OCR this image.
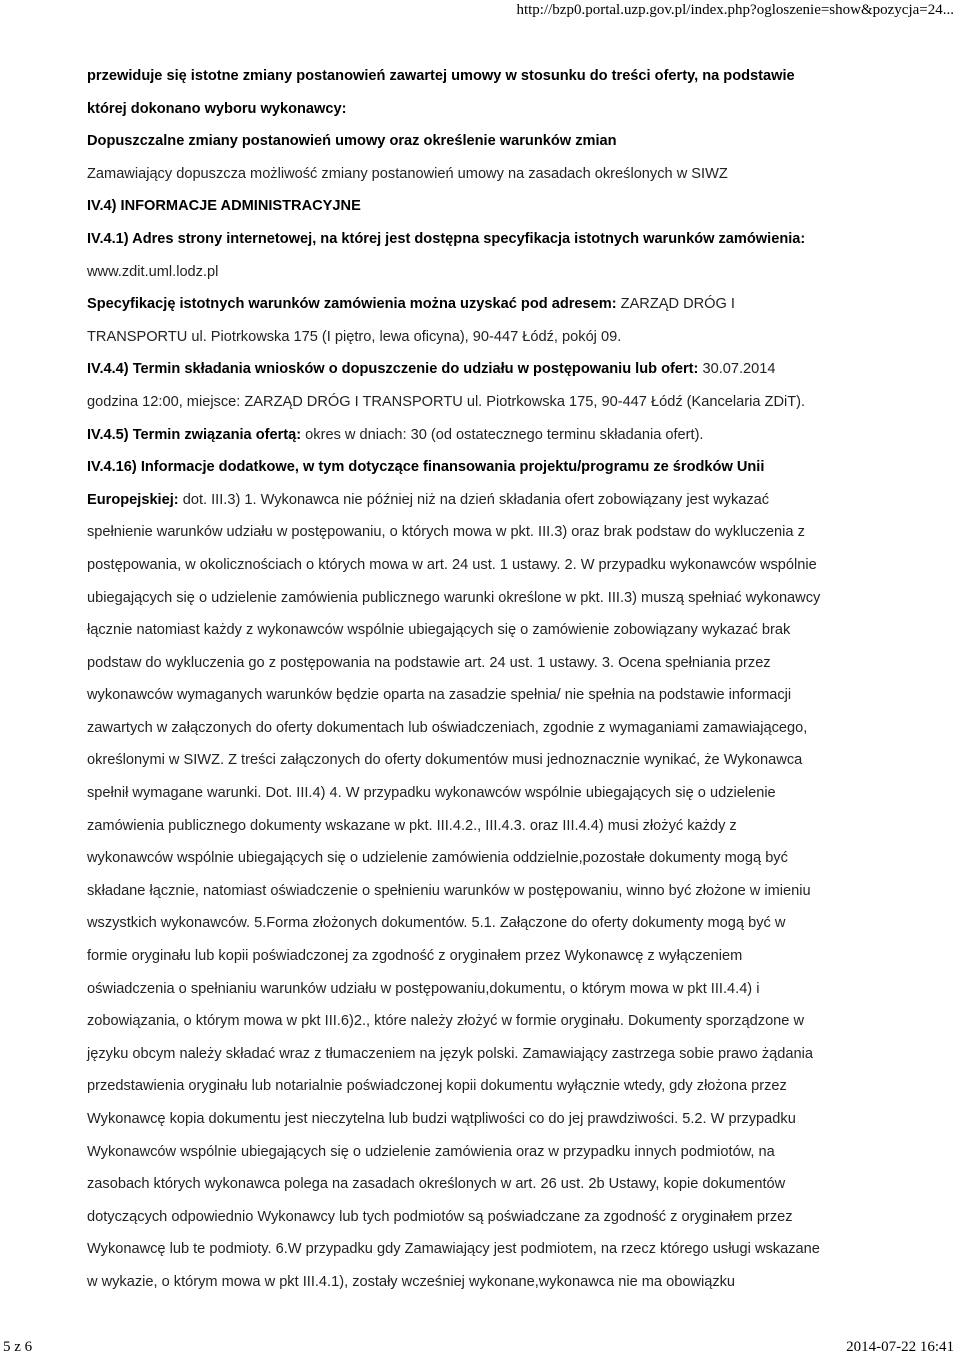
http://bzp0.portal.uzp.gov.pl/index.php?ogloszenie=show&pozycja=24...
przewiduje się istotne zmiany postanowień zawartej umowy w stosunku do treści oferty, na podstawie
której dokonano wyboru wykonawcy:
Dopuszczalne zmiany postanowień umowy oraz określenie warunków zmian
Zamawiający dopuszcza możliwość zmiany postanowień umowy na zasadach określonych w SIWZ
IV.4) INFORMACJE ADMINISTRACYJNE
IV.4.1) Adres strony internetowej, na której jest dostępna specyfikacja istotnych warunków zamówienia:
www.zdit.uml.lodz.pl
Specyfikację istotnych warunków zamówienia można uzyskać pod adresem: ZARZĄD DRÓG I
TRANSPORTU ul. Piotrkowska 175 (I piętro, lewa oficyna), 90-447 Łódź, pokój 09.
IV.4.4) Termin składania wniosków o dopuszczenie do udziału w postępowaniu lub ofert: 30.07.2014
godzina 12:00, miejsce: ZARZĄD DRÓG I TRANSPORTU ul. Piotrkowska 175, 90-447 Łódź (Kancelaria ZDiT).
IV.4.5) Termin związania ofertą: okres w dniach: 30 (od ostatecznego terminu składania ofert).
IV.4.16) Informacje dodatkowe, w tym dotyczące finansowania projektu/programu ze środków Unii
Europejskiej: dot. III.3) 1. Wykonawca nie później niż na dzień składania ofert zobowiązany jest wykazać
spełnienie warunków udziału w postępowaniu, o których mowa w pkt. III.3) oraz brak podstaw do wykluczenia z
postępowania, w okolicznościach o których mowa w art. 24 ust. 1 ustawy. 2. W przypadku wykonawców wspólnie
ubiegających się o udzielenie zamówienia publicznego warunki określone w pkt. III.3) muszą spełniać wykonawcy
łącznie natomiast każdy z wykonawców wspólnie ubiegających się o zamówienie zobowiązany wykazać brak
podstaw do wykluczenia go z postępowania na podstawie art. 24 ust. 1 ustawy. 3. Ocena spełniania przez
wykonawców wymaganych warunków będzie oparta na zasadzie spełnia/ nie spełnia na podstawie informacji
zawartych w załączonych do oferty dokumentach lub oświadczeniach, zgodnie z wymaganiami zamawiającego,
określonymi w SIWZ. Z treści załączonych do oferty dokumentów musi jednoznacznie wynikać, że Wykonawca
spełnił wymagane warunki. Dot. III.4) 4. W przypadku wykonawców wspólnie ubiegających się o udzielenie
zamówienia publicznego dokumenty wskazane w pkt. III.4.2., III.4.3. oraz III.4.4) musi złożyć każdy z
wykonawców wspólnie ubiegających się o udzielenie zamówienia oddzielnie,pozostałe dokumenty mogą być
składane łącznie, natomiast oświadczenie o spełnieniu warunków w postępowaniu, winno być złożone w imieniu
wszystkich wykonawców. 5.Forma złożonych dokumentów. 5.1. Załączone do oferty dokumenty mogą być w
formie oryginału lub kopii poświadczonej za zgodność z oryginałem przez Wykonawcę z wyłączeniem
oświadczenia o spełnianiu warunków udziału w postępowaniu,dokumentu, o którym mowa w pkt III.4.4) i
zobowiązania, o którym mowa w pkt III.6)2., które należy złożyć w formie oryginału. Dokumenty sporządzone w
języku obcym należy składać wraz z tłumaczeniem na język polski. Zamawiający zastrzega sobie prawo żądania
przedstawienia oryginału lub notarialnie poświadczonej kopii dokumentu wyłącznie wtedy, gdy złożona przez
Wykonawcę kopia dokumentu jest nieczytelna lub budzi wątpliwości co do jej prawdziwości. 5.2. W przypadku
Wykonawców wspólnie ubiegających się o udzielenie zamówienia oraz w przypadku innych podmiotów, na
zasobach których wykonawca polega na zasadach określonych w art. 26 ust. 2b Ustawy, kopie dokumentów
dotyczących odpowiednio Wykonawcy lub tych podmiotów są poświadczane za zgodność z oryginałem przez
Wykonawcę lub te podmioty. 6.W przypadku gdy Zamawiający jest podmiotem, na rzecz którego usługi wskazane
w wykazie, o którym mowa w pkt III.4.1), zostały wcześniej wykonane,wykonawca nie ma obowiązku
5 z 6	2014-07-22 16:41
